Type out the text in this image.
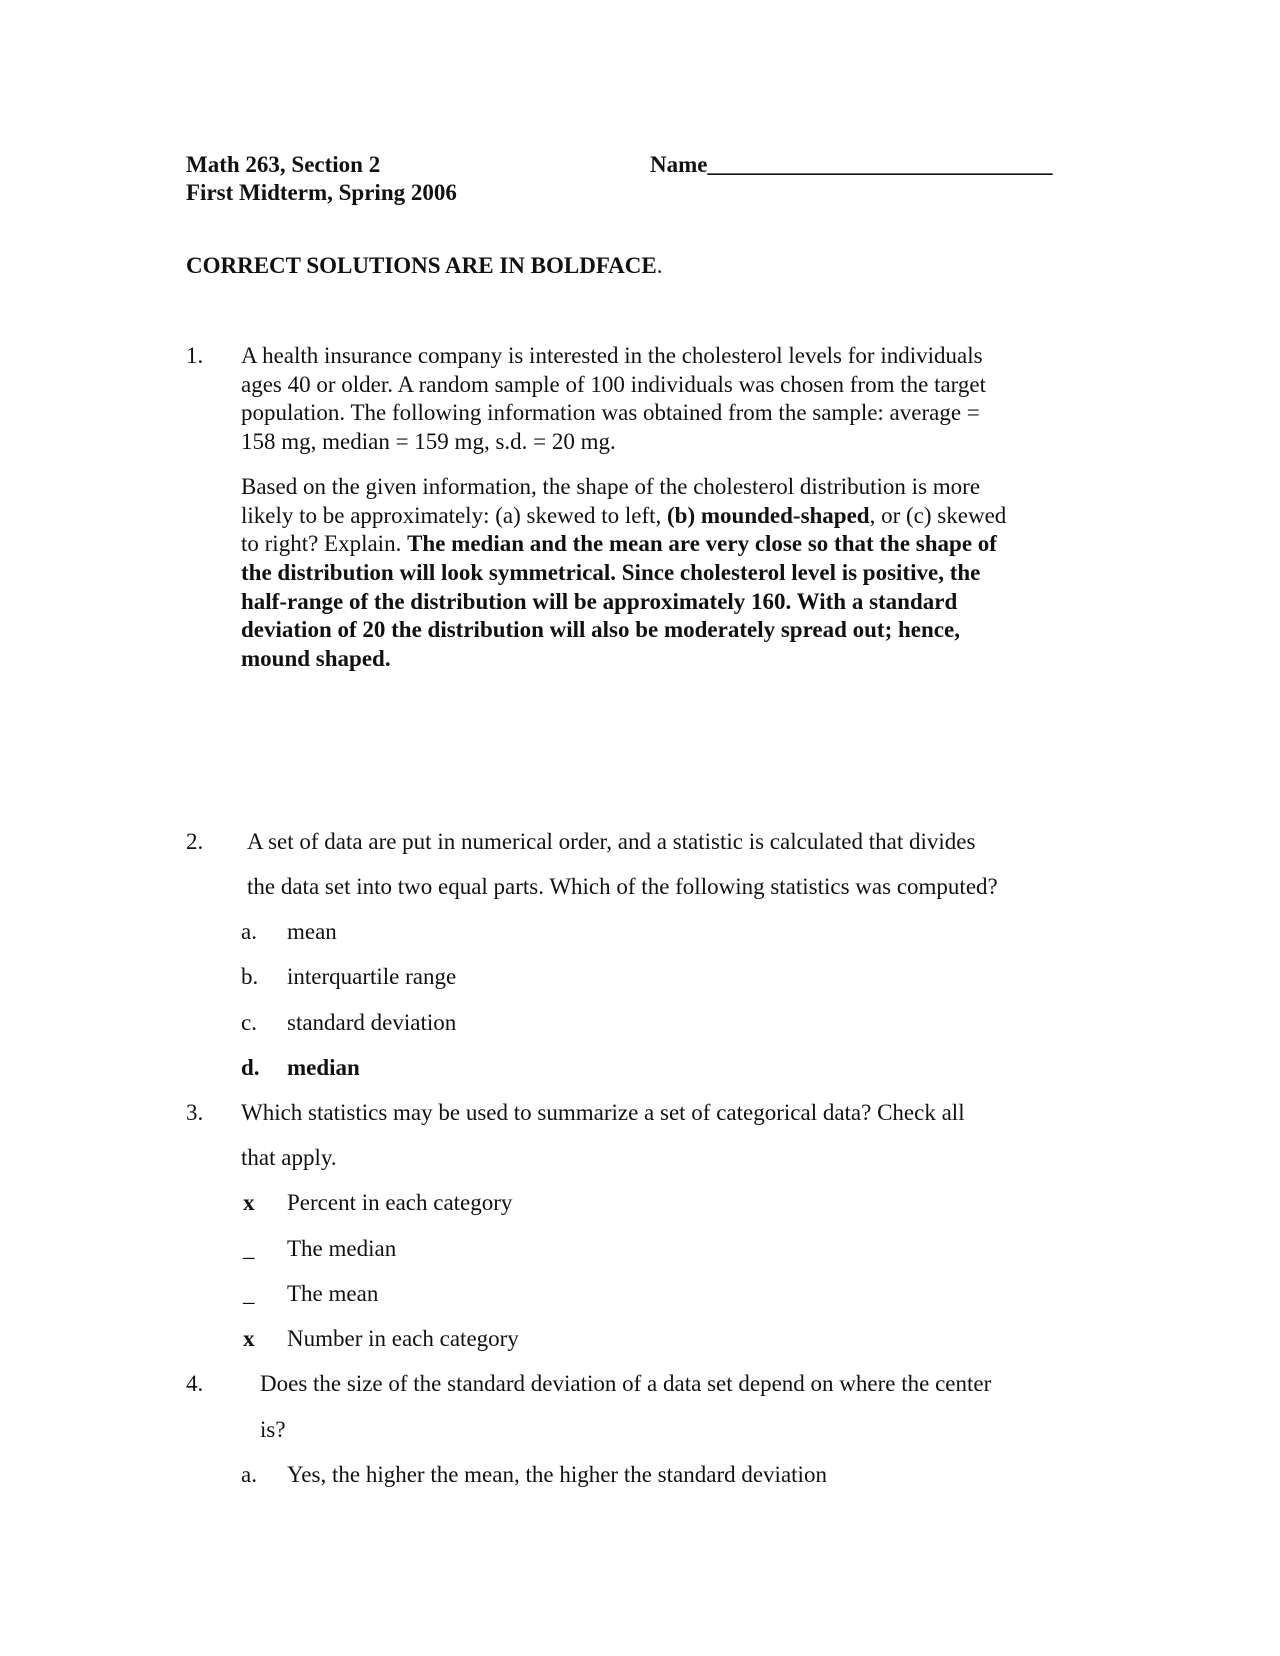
Math 263, Section 2
First Midterm, Spring 2006
Name______________________________
CORRECT SOLUTIONS ARE IN BOLDFACE.
1. A health insurance company is interested in the cholesterol levels for individuals
ages 40 or older. A random sample of 100 individuals was chosen from the target
population. The following information was obtained from the sample: average =
158 mg, median = 159 mg, s.d. = 20 mg.
Based on the given information, the shape of the cholesterol distribution is more
likely to be approximately: (a) skewed to left, (b) mounded-shaped, or (c) skewed
to right? Explain. The median and the mean are very close so that the shape of
the distribution will look symmetrical. Since cholesterol level is positive, the
half-range of the distribution will be approximately 160. With a standard
deviation of 20 the distribution will also be moderately spread out; hence,
mound shaped.
2. A set of data are put in numerical order, and a statistic is calculated that divides
the data set into two equal parts. Which of the following statistics was computed?
a. mean
b. interquartile range
c. standard deviation
d. median
3. Which statistics may be used to summarize a set of categorical data? Check all
that apply.
x Percent in each category
_ The median
_ The mean
x Number in each category
4. Does the size of the standard deviation of a data set depend on where the center
is?
a. Yes, the higher the mean, the higher the standard deviation
